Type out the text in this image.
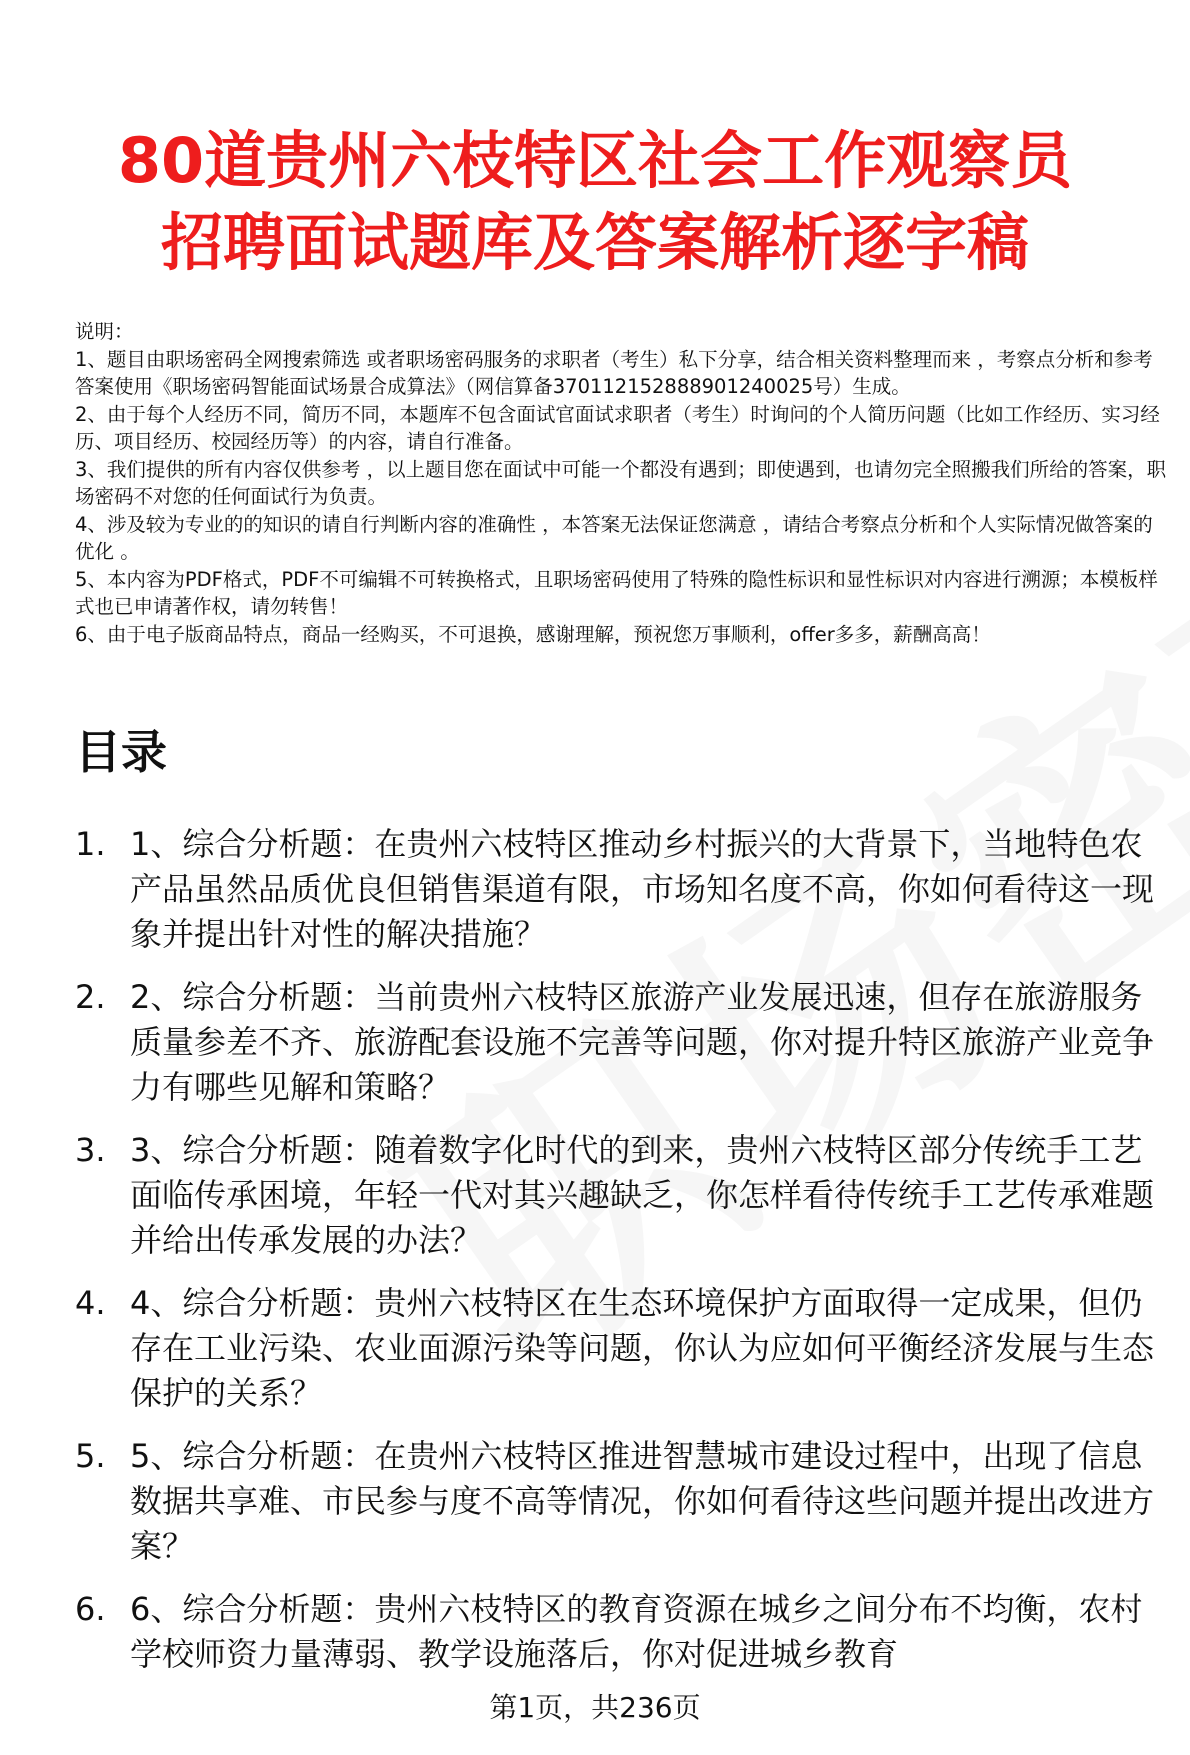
80道贵州六枝特区社会工作观察员
招聘面试题库及答案解析逐字稿
说明：
1、题目由职场密码全网搜索筛选 或者职场密码服务的求职者（考生）私下分享，结合相关资料整理而来 ，考察点分析和参考答案使用《职场密码智能面试场景合成算法》（网信算备370112152888901240025号）生成。
2、由于每个人经历不同，简历不同，本题库不包含面试官面试求职者（考生）时询问的个人简历问题（比如工作经历、实习经历、项目经历、校园经历等）的内容，请自行准备。
3、我们提供的所有内容仅供参考 ，以上题目您在面试中可能一个都没有遇到；即使遇到，也请勿完全照搬我们所给的答案，职场密码不对您的任何面试行为负责。
4、涉及较为专业的的知识的请自行判断内容的准确性 ，本答案无法保证您满意 ，请结合考察点分析和个人实际情况做答案的优化 。
5、本内容为PDF格式，PDF不可编辑不可转换格式，且职场密码使用了特殊的隐性标识和显性标识对内容进行溯源；本模板样式也已申请著作权，请勿转售！
6、由于电子版商品特点，商品一经购买，不可退换，感谢理解，预祝您万事顺利，offer多多，薪酬高高！
目录
1. 1、综合分析题：在贵州六枝特区推动乡村振兴的大背景下，当地特色农产品虽然品质优良但销售渠道有限，市场知名度不高，你如何看待这一现象并提出针对性的解决措施？
2. 2、综合分析题：当前贵州六枝特区旅游产业发展迅速，但存在旅游服务质量参差不齐、旅游配套设施不完善等问题，你对提升特区旅游产业竞争力有哪些见解和策略？
3. 3、综合分析题：随着数字化时代的到来，贵州六枝特区部分传统手工艺面临传承困境，年轻一代对其兴趣缺乏，你怎样看待传统手工艺传承难题并给出传承发展的办法？
4. 4、综合分析题：贵州六枝特区在生态环境保护方面取得一定成果，但仍存在工业污染、农业面源污染等问题，你认为应如何平衡经济发展与生态保护的关系？
5. 5、综合分析题：在贵州六枝特区推进智慧城市建设过程中，出现了信息数据共享难、市民参与度不高等情况，你如何看待这些问题并提出改进方案？
6. 6、综合分析题：贵州六枝特区的教育资源在城乡之间分布不均衡，农村学校师资力量薄弱、教学设施落后，你对促进城乡教育
第1页，共236页
